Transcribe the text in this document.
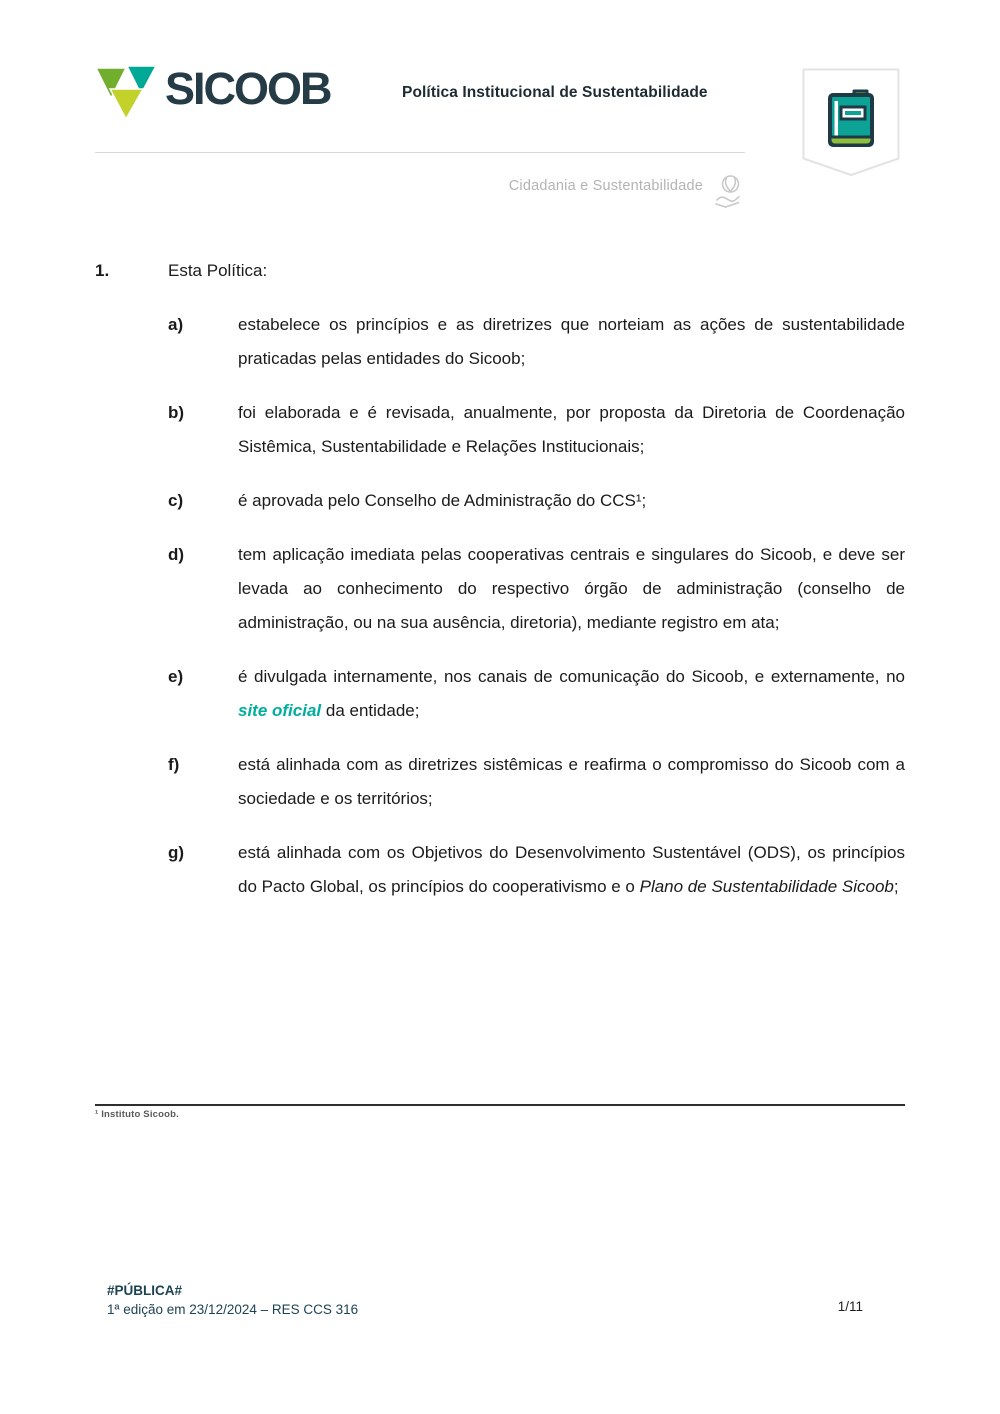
SICOOB	Política Institucional de Sustentabilidade
Cidadania e Sustentabilidade
1.	Esta Política:
a)	estabelece os princípios e as diretrizes que norteiam as ações de sustentabilidade praticadas pelas entidades do Sicoob;
b)	foi elaborada e é revisada, anualmente, por proposta da Diretoria de Coordenação Sistêmica, Sustentabilidade e Relações Institucionais;
c)	é aprovada pelo Conselho de Administração do CCS¹;
d)	tem aplicação imediata pelas cooperativas centrais e singulares do Sicoob, e deve ser levada ao conhecimento do respectivo órgão de administração (conselho de administração, ou na sua ausência, diretoria), mediante registro em ata;
e)	é divulgada internamente, nos canais de comunicação do Sicoob, e externamente, no site oficial da entidade;
f)	está alinhada com as diretrizes sistêmicas e reafirma o compromisso do Sicoob com a sociedade e os territórios;
g)	está alinhada com os Objetivos do Desenvolvimento Sustentável (ODS), os princípios do Pacto Global, os princípios do cooperativismo e o Plano de Sustentabilidade Sicoob;
¹ Instituto Sicoob.
#PÚBLICA#
1ª edição em 23/12/2024 – RES CCS 316	1/11
